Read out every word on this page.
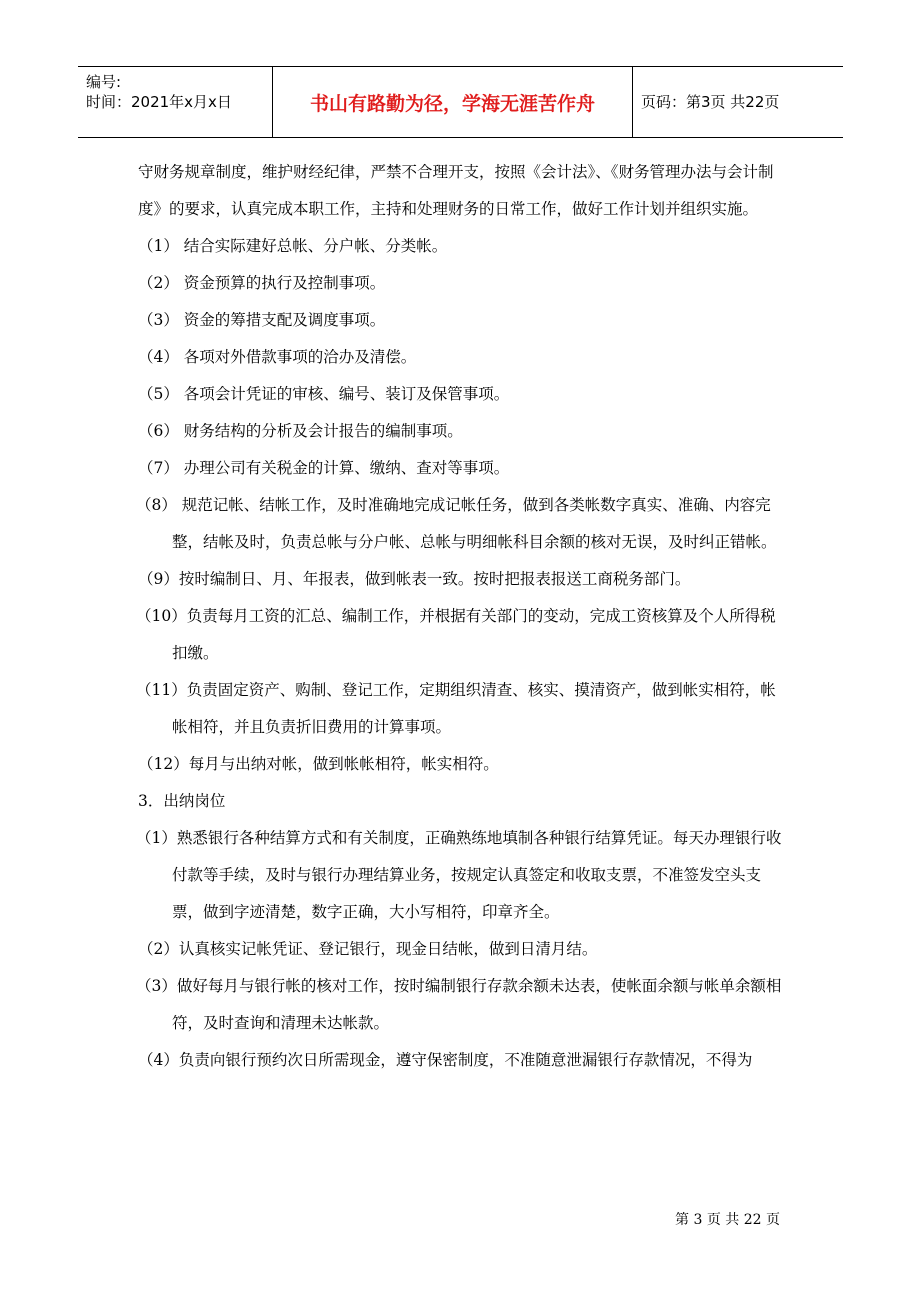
编号:
时间：2021年x月x日	书山有路勤为径，学海无涯苦作舟	页码：第3页 共22页

守财务规章制度，维护财经纪律，严禁不合理开支，按照《会计法》、《财务管理办法与会计制度》的要求，认真完成本职工作，主持和处理财务的日常工作，做好工作计划并组织实施。

（1） 结合实际建好总帐、分户帐、分类帐。

（2） 资金预算的执行及控制事项。

（3） 资金的筹措支配及调度事项。

（4） 各项对外借款事项的洽办及清偿。

（5） 各项会计凭证的审核、编号、装订及保管事项。

（6） 财务结构的分析及会计报告的编制事项。

（7） 办理公司有关税金的计算、缴纳、查对等事项。

（8） 规范记帐、结帐工作，及时准确地完成记帐任务，做到各类帐数字真实、准确、内容完整，结帐及时，负责总帐与分户帐、总帐与明细帐科目余额的核对无误，及时纠正错帐。

（9）按时编制日、月、年报表，做到帐表一致。按时把报表报送工商税务部门。

（10）负责每月工资的汇总、编制工作，并根据有关部门的变动，完成工资核算及个人所得税扣缴。

（11）负责固定资产、购制、登记工作，定期组织清查、核实、摸清资产，做到帐实相符，帐帐相符，并且负责折旧费用的计算事项。

（12）每月与出纳对帐，做到帐帐相符，帐实相符。

3．出纳岗位

（1）熟悉银行各种结算方式和有关制度，正确熟练地填制各种银行结算凭证。每天办理银行收付款等手续，及时与银行办理结算业务，按规定认真签定和收取支票，不准签发空头支票，做到字迹清楚，数字正确，大小写相符，印章齐全。

（2）认真核实记帐凭证、登记银行，现金日结帐，做到日清月结。

（3）做好每月与银行帐的核对工作，按时编制银行存款余额未达表，使帐面余额与帐单余额相符，及时查询和清理未达帐款。

（4）负责向银行预约次日所需现金，遵守保密制度，不准随意泄漏银行存款情况，不得为

第 3 页 共 22 页
